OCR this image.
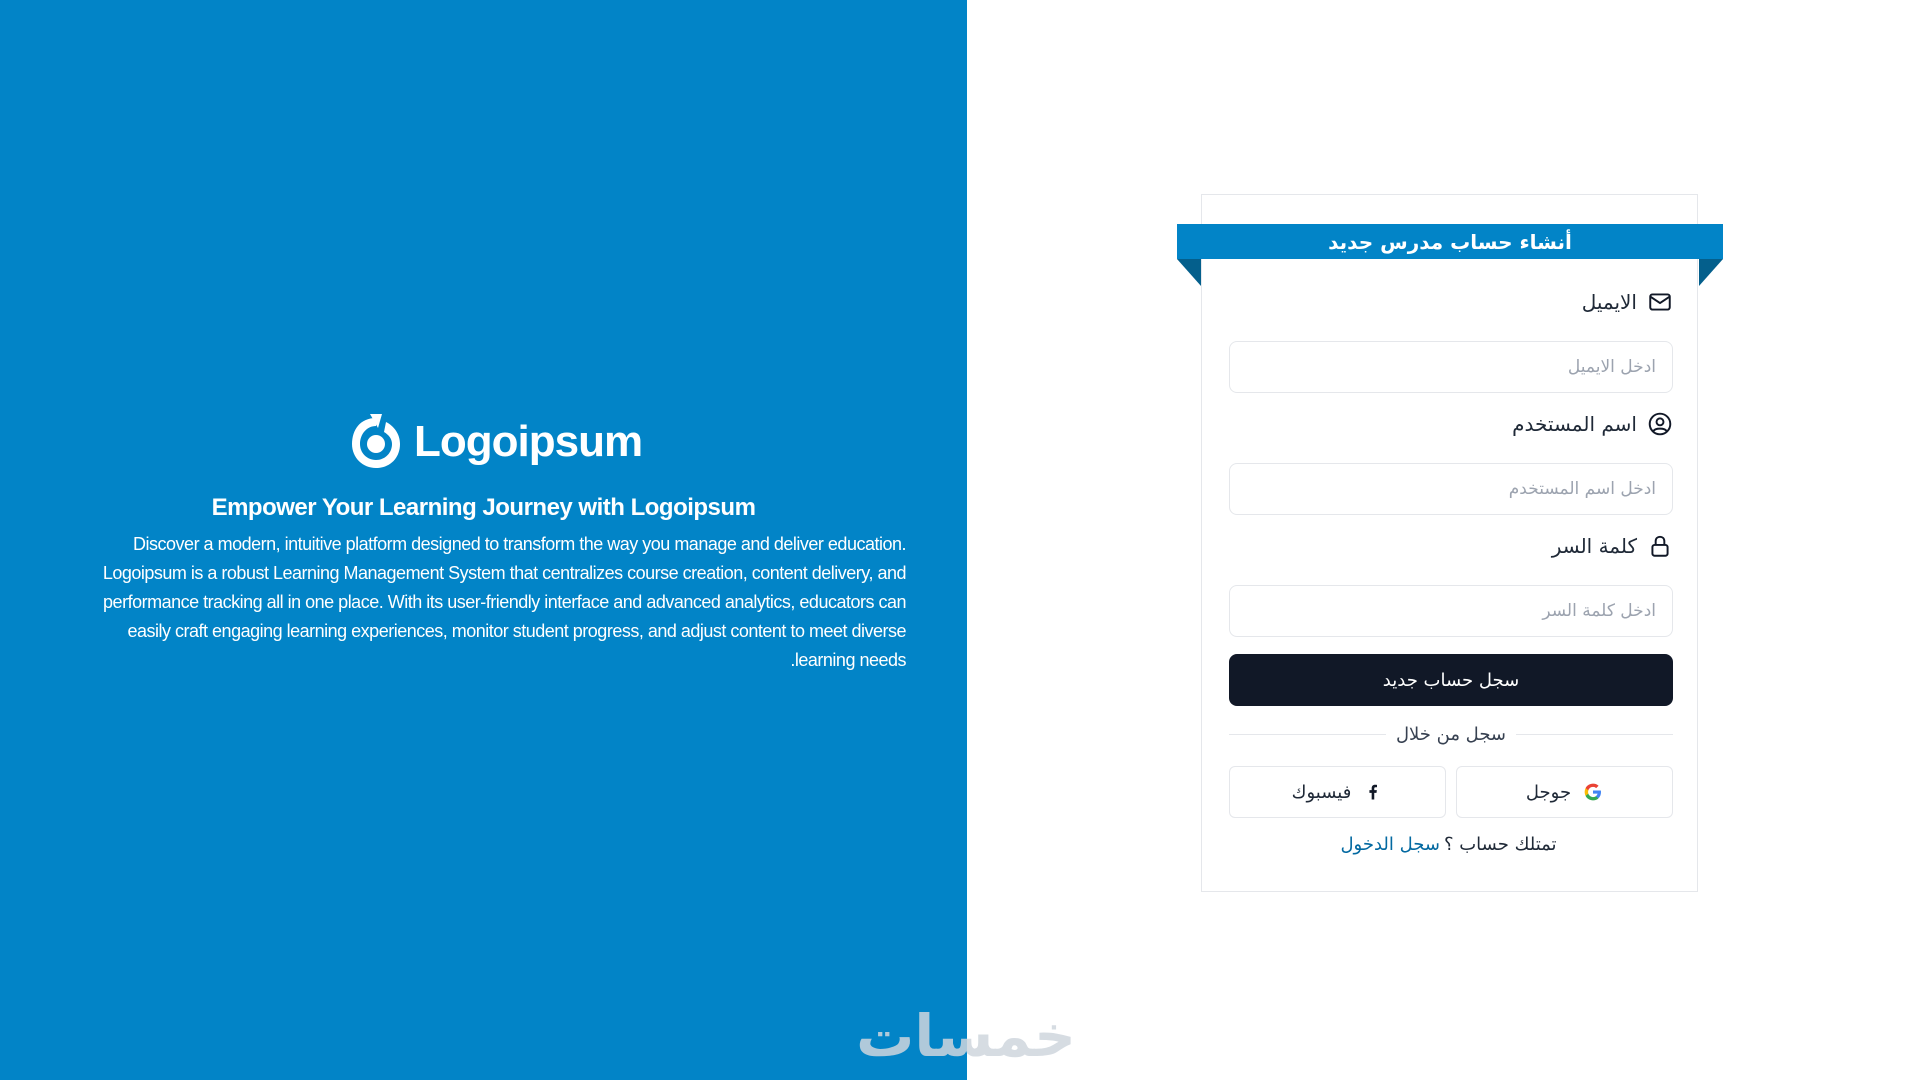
Logoipsum
Empower Your Learning Journey with Logoipsum
Discover a modern, intuitive platform designed to transform the way you manage and deliver education.
Logoipsum is a robust Learning Management System that centralizes course creation, content delivery, and
performance tracking all in one place. With its user-friendly interface and advanced analytics, educators can
easily craft engaging learning experiences, monitor student progress, and adjust content to meet diverse
.learning needs
الايميل
ادخل الايميل
اسم المستخدم
ادخل اسم المستخدم
كلمة السر
سجل حساب جديد
سجل من خلال
جوجل
فيسبوك
تمتلك حساب ؟
سجل الدخول
أنشاء حساب مدرس جديد
خمسات
